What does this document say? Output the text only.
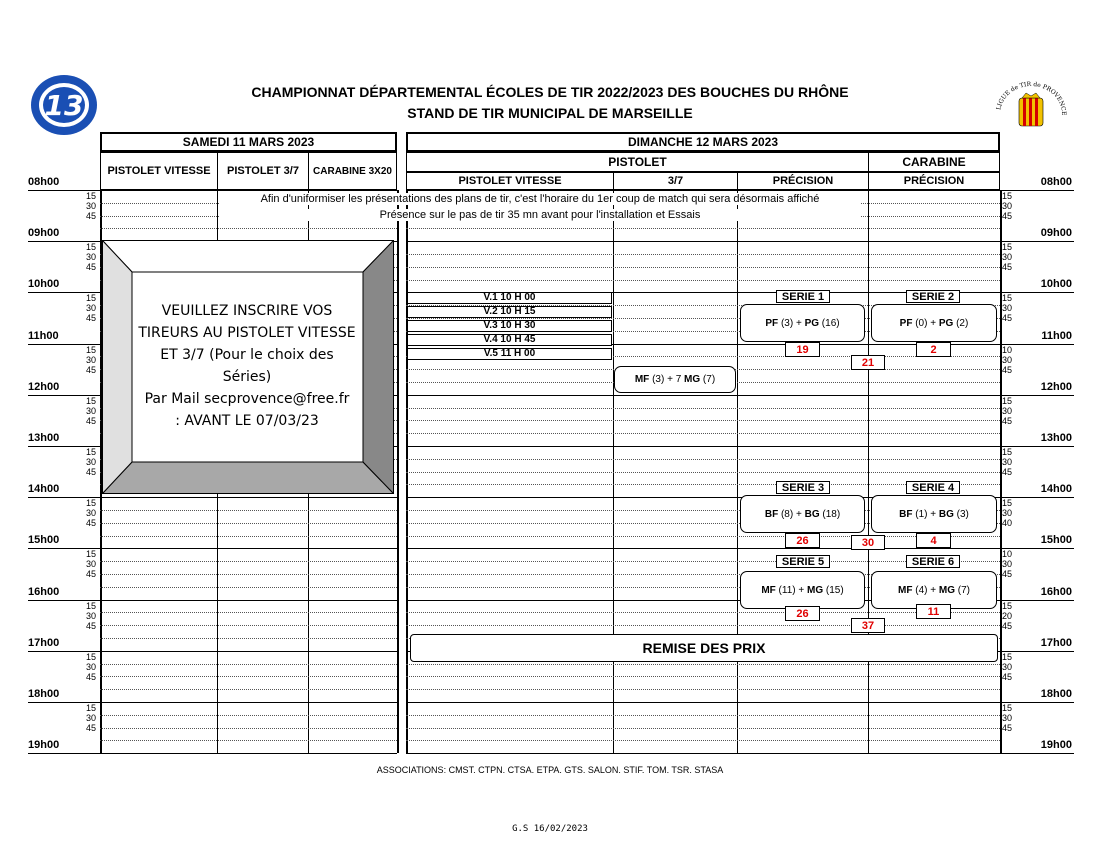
CHAMPIONNAT DÉPARTEMENTAL ÉCOLES DE TIR 2022/2023 DES BOUCHES DU RHÔNE
STAND DE TIR MUNICIPAL DE MARSEILLE
13	LIGUE de TIR de PROVENCE
08h00
09h00
10h00
11h00
12h00
13h00
14h00
15h00
16h00
17h00
18h00
19h00
08h00
09h00
10h00
11h00
12h00
13h00
14h00
15h00
16h00
17h00
18h00
19h00
15
30
45
15
30
45
15
30
45
15
30
45
15
30
45
15
30
45
15
30
45
10
30
45
15
30
45
15
30
45
15
30
45
15
30
45
15
30
45
15
30
40
15
30
45
10
30
45
15
30
45
15
20
45
15
30
45
15
30
45
15
30
45
15
30
45
SAMEDI 11 MARS 2023
PISTOLET VITESSE	PISTOLET 3/7	CARABINE 3X20
DIMANCHE 12 MARS 2023
PISTOLET	CARABINE
PISTOLET VITESSE	3/7	PRÉCISION	PRÉCISION
Afin d'uniformiser les présentations des plans de tir, c'est l'horaire du 1er coup de match qui sera désormais affiché
Présence sur le pas de tir 35 mn avant pour l'installation et Essais
VEUILLEZ INSCRIRE VOS
TIREURS AU PISTOLET VITESSE
ET 3/7 (Pour le choix des
Séries)
Par Mail secprovence@free.fr
: AVANT LE 07/03/23
V.1 10 H 00
V.2 10 H 15
V.3 10 H 30
V.4 10 H 45
V.5 11 H 00
MF (3) + 7 MG (7)
SERIE 1	SERIE 2
PF (3) + PG (16)	PF (0) + PG (2)
19	2
21
SERIE 3	SERIE 4
BF (8) + BG (18)	BF (1) + BG (3)
26	4
30
SERIE 5	SERIE 6
MF (11) + MG (15)	MF (4) + MG (7)
26	11
37
REMISE DES PRIX
ASSOCIATIONS: CMST. CTPN. CTSA. ETPA. GTS. SALON. STIF. TOM. TSR. STASA
G.S 16/02/2023
